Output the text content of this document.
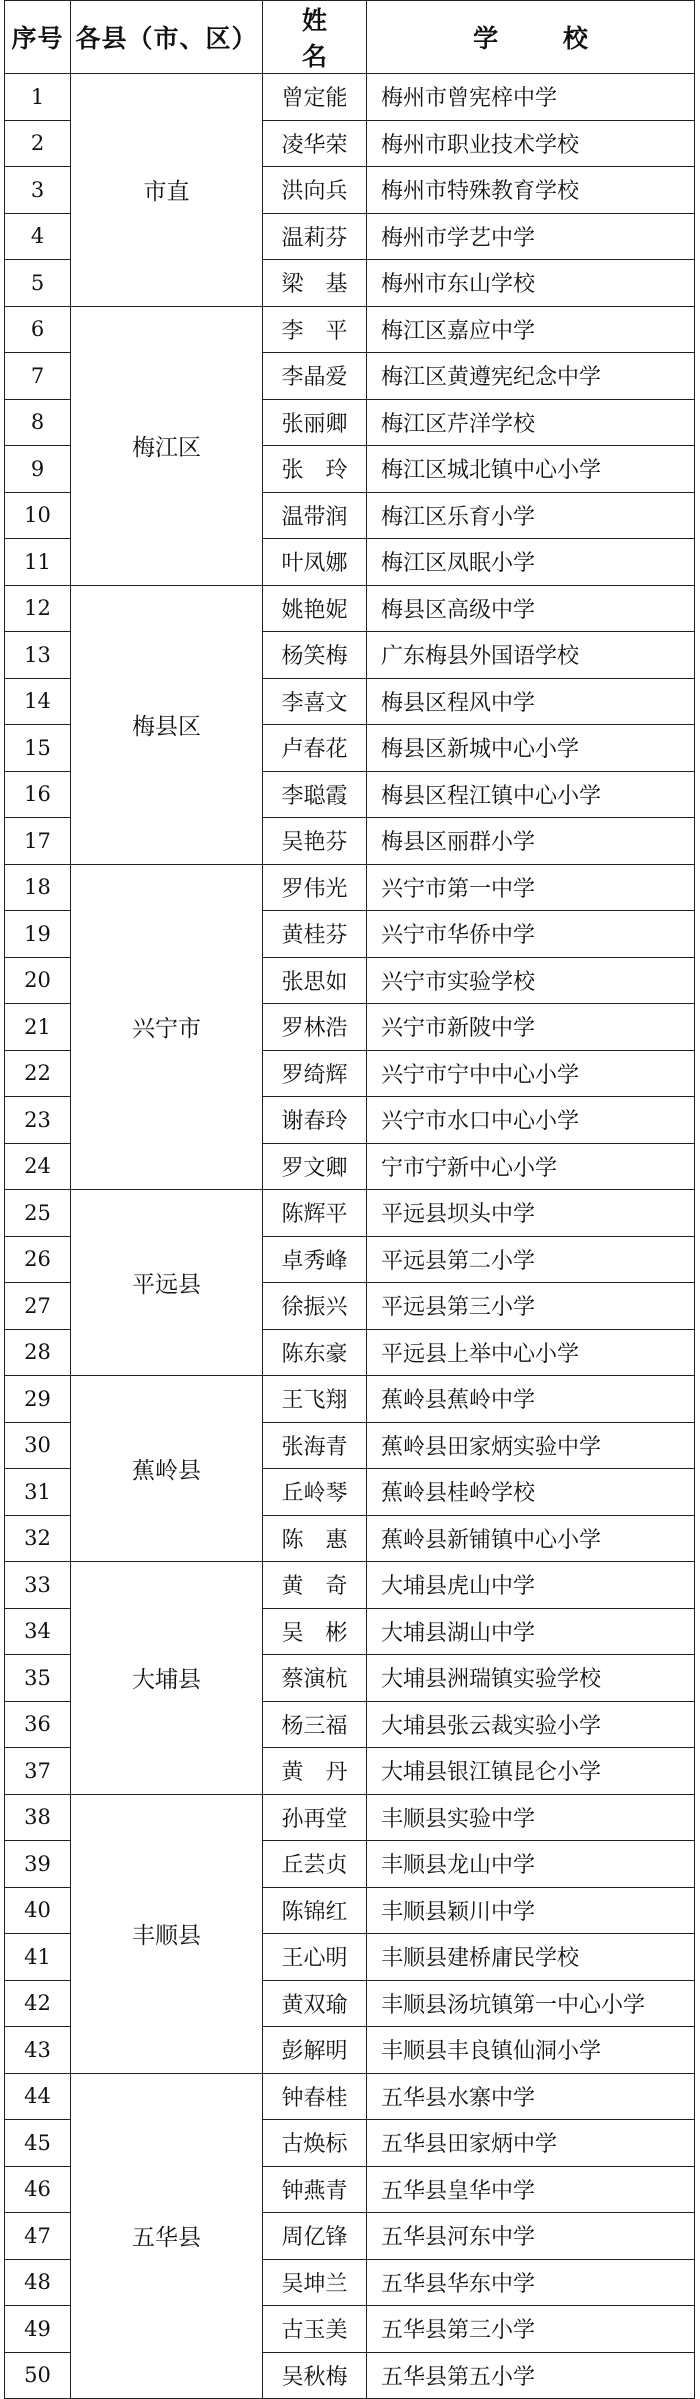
序号	各县（市、区）	姓 名	学 校
1	市直	曾定能	梅州市曾宪梓中学
2		凌华荣	梅州市职业技术学校
3		洪向兵	梅州市特殊教育学校
4		温莉芬	梅州市学艺中学
5		梁　基	梅州市东山学校
6	梅江区	李　平	梅江区嘉应中学
7		李晶爱	梅江区黄遵宪纪念中学
8		张丽卿	梅江区芹洋学校
9		张　玲	梅江区城北镇中心小学
10		温带润	梅江区乐育小学
11		叶凤娜	梅江区凤眠小学
12	梅县区	姚艳妮	梅县区高级中学
13		杨笑梅	广东梅县外国语学校
14		李喜文	梅县区程风中学
15		卢春花	梅县区新城中心小学
16		李聪霞	梅县区程江镇中心小学
17		吴艳芬	梅县区丽群小学
18	兴宁市	罗伟光	兴宁市第一中学
19		黄桂芬	兴宁市华侨中学
20		张思如	兴宁市实验学校
21		罗林浩	兴宁市新陂中学
22		罗绮辉	兴宁市宁中中心小学
23		谢春玲	兴宁市水口中心小学
24		罗文卿	宁市宁新中心小学
25	平远县	陈辉平	平远县坝头中学
26		卓秀峰	平远县第二小学
27		徐振兴	平远县第三小学
28		陈东豪	平远县上举中心小学
29	蕉岭县	王飞翔	蕉岭县蕉岭中学
30		张海青	蕉岭县田家炳实验中学
31		丘岭琴	蕉岭县桂岭学校
32		陈　惠	蕉岭县新铺镇中心小学
33	大埔县	黄　奇	大埔县虎山中学
34		吴　彬	大埔县湖山中学
35		蔡演杭	大埔县洲瑞镇实验学校
36		杨三福	大埔县张云裁实验小学
37		黄　丹	大埔县银江镇昆仑小学
38	丰顺县	孙再堂	丰顺县实验中学
39		丘芸贞	丰顺县龙山中学
40		陈锦红	丰顺县颖川中学
41		王心明	丰顺县建桥庸民学校
42		黄双瑜	丰顺县汤坑镇第一中心小学
43		彭解明	丰顺县丰良镇仙洞小学
44	五华县	钟春桂	五华县水寨中学
45		古焕标	五华县田家炳中学
46		钟燕青	五华县皇华中学
47		周亿锋	五华县河东中学
48		吴坤兰	五华县华东中学
49		古玉美	五华县第三小学
50		吴秋梅	五华县第五小学
